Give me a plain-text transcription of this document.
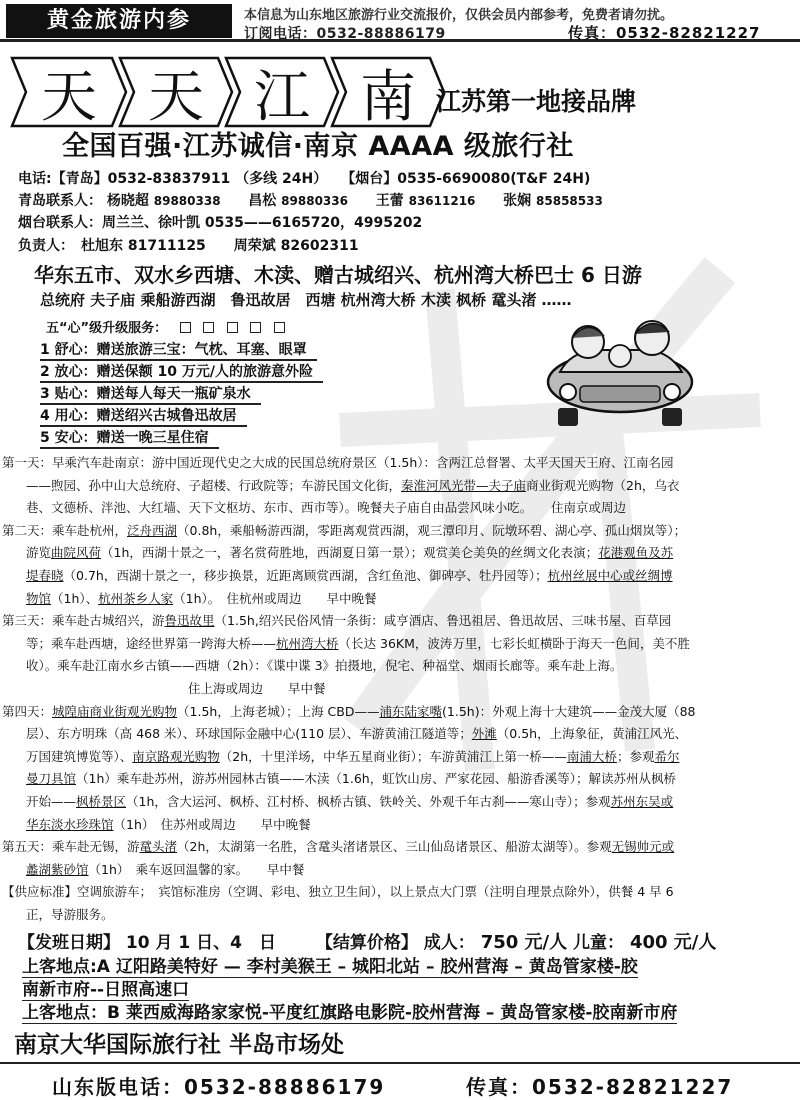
黄金旅游内参	本信息为山东地区旅游行业交流报价，仅供会员内部参考，免费者请勿扰。
订阅电话：0532-88886179	传真：0532-82821227
天 天 江 南 江苏第一地接品牌
全国百强·江苏诚信·南京 AAAA 级旅行社
电话:【青岛】0532-83837911 （多线 24H）　　【烟台】0535-6690080(T&F 24H)
青岛联系人： 杨晓超 89880338 昌松 89880336 王蕾 83611216 张娴 85858533
烟台联系人：周兰兰、徐叶凯 0535——6165720，4995202
负责人：　杜旭东 81711125　　周荣斌 82602311
华东五市、双水乡西塘、木渎、赠古城绍兴、杭州湾大桥巴士 6 日游
总统府 夫子庙 乘船游西湖　鲁迅故居　西塘 杭州湾大桥 木渎 枫桥 鼋头渚 ……
五“心”级升级服务：
1 舒心：赠送旅游三宝：气枕、耳塞、眼罩
2 放心：赠送保额 10 万元/人的旅游意外险
3 贴心：赠送每人每天一瓶矿泉水
4 用心：赠送绍兴古城鲁迅故居
5 安心：赠送一晚三星住宿

第一天：早乘汽车赴南京：游中国近现代史之大成的民国总统府景区（1.5h）：含两江总督署、太平天国天王府、江南名园
——煦园、孙中山大总统府、子超楼、行政院等；车游民国文化街，秦淮河风光带—夫子庙商业街观光购物（2h，乌衣
巷、文德桥、泮池、大红墙、天下文枢坊、东市、西市等）。晚餐夫子庙自由品尝风味小吃。　　住南京或周边

第二天：乘车赴杭州，泛舟西湖（0.8h，乘船畅游西湖，零距离观赏西湖，观三潭印月、阮墩环碧、湖心亭、孤山烟岚等）；
游览曲院风荷（1h，西湖十景之一，著名赏荷胜地，西湖夏日第一景）；观赏美仑美奂的丝绸文化表演；花港观鱼及苏
堤春晓（0.7h，西湖十景之一，移步换景，近距离顾赏西湖，含红鱼池、御碑亭、牡丹园等）；杭州丝展中心或丝绸博
物馆（1h）、杭州茶乡人家（1h）。　住杭州或周边　　早中晚餐

第三天：乘车赴古城绍兴，游鲁迅故里（1.5h,绍兴民俗风情一条街：咸亨酒店、鲁迅祖居、鲁迅故居、三味书屋、百草园
等；乘车赴西塘，途经世界第一跨海大桥——杭州湾大桥（长达 36KM，波涛万里，七彩长虹横卧于海天一色间，美不胜
收）。乘车赴江南水乡古镇——西塘（2h）：《谍中谍 3》拍摄地，倪宅、种福堂、烟雨长廊等。乘车赴上海。
住上海或周边　　早中餐

第四天：城隍庙商业街观光购物（1.5h，上海老城）；上海 CBD——浦东陆家嘴(1.5h)：外观上海十大建筑——金茂大厦（88
层）、东方明珠（高 468 米）、环球国际金融中心(110 层）、车游黄浦江隧道等；外滩（0.5h，上海象征，黄浦江风光、
万国建筑博览等）、南京路观光购物（2h，十里洋场，中华五星商业街）；车游黄浦江上第一桥——南浦大桥；参观希尔
曼刀具馆（1h）乘车赴苏州，游苏州园林古镇——木渎（1.6h，虹饮山房、严家花园、船游香溪等）；解读苏州从枫桥
开始——枫桥景区（1h，含大运河、枫桥、江村桥、枫桥古镇、铁岭关、外观千年古刹——寒山寺）；参观苏州东吴或
华东淡水珍珠馆（1h）　住苏州或周边　　早中晚餐

第五天：乘车赴无锡，游鼋头渚（2h，太湖第一名胜，含鼋头渚诸景区、三山仙岛诸景区、船游太湖等）。参观无锡帅元或
蠡湖紫砂馆（1h）　乘车返回温馨的家。　　早中餐

【供应标准】空调旅游车；　宾馆标准房（空调、彩电、独立卫生间），以上景点大门票（注明自理景点除外），供餐 4 早 6
正，导游服务。

【发班日期】 10 月 1 日、4　日 【结算价格】 成人： 750 元/人 儿童： 400 元/人
上客地点:A 辽阳路美特好 — 李村美猴王 – 城阳北站 – 胶州营海 – 黄岛管家楼-胶
南新市府--日照高速口
上客地点：B 莱西威海路家家悦-平度红旗路电影院-胶州营海 – 黄岛管家楼-胶南新市府
南京大华国际旅行社 半岛市场处
山东版电话：0532-88886179	传真：0532-82821227
